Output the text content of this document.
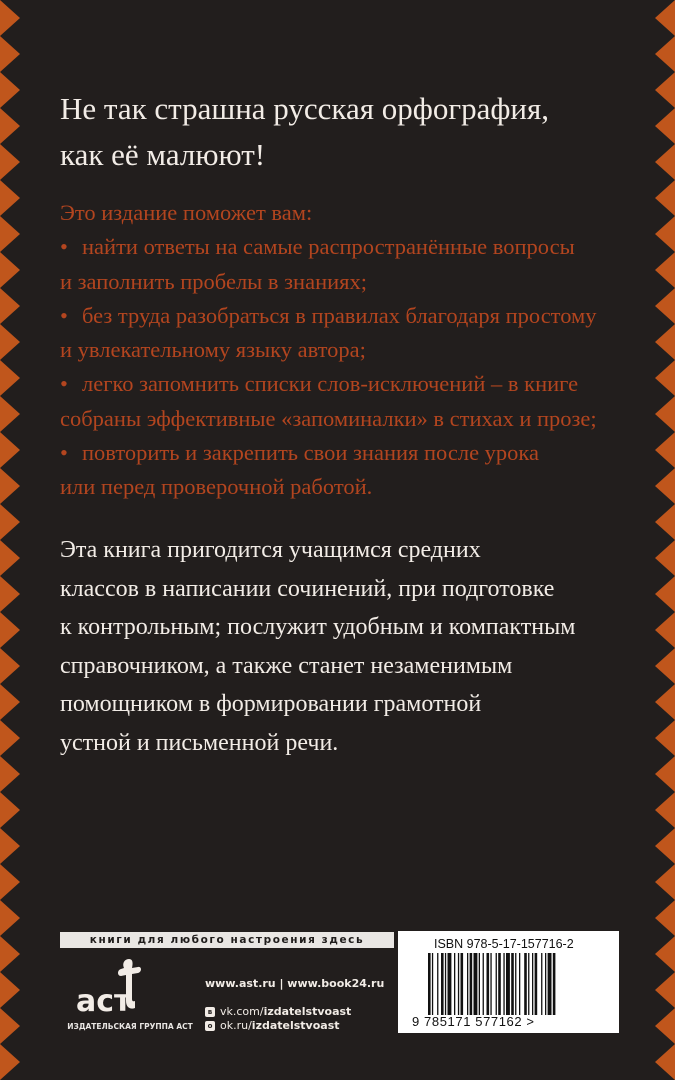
Не так страшна русская орфография,
как её малюют!
Это издание поможет вам:
• найти ответы на самые распространённые вопросы
и заполнить пробелы в знаниях;
• без труда разобраться в правилах благодаря простому
и увлекательному языку автора;
• легко запомнить списки слов-исключений – в книге
собраны эффективные «запоминалки» в стихах и прозе;
• повторить и закрепить свои знания после урока
или перед проверочной работой.
Эта книга пригодится учащимся средних
классов в написании сочинений, при подготовке
к контрольным; послужит удобным и компактным
справочником, а также станет незаменимым
помощником в формировании грамотной
устной и письменной речи.
книги для любого настроения здесь
аст
ИЗДАТЕЛЬСКАЯ ГРУППА АСТ
www.ast.ru | www.book24.ru
в vk.com/ izdatelstvoast
о ok.ru/ izdatelstvoast
ISBN 978-5-17-157716-2
9 785171 577162 >
